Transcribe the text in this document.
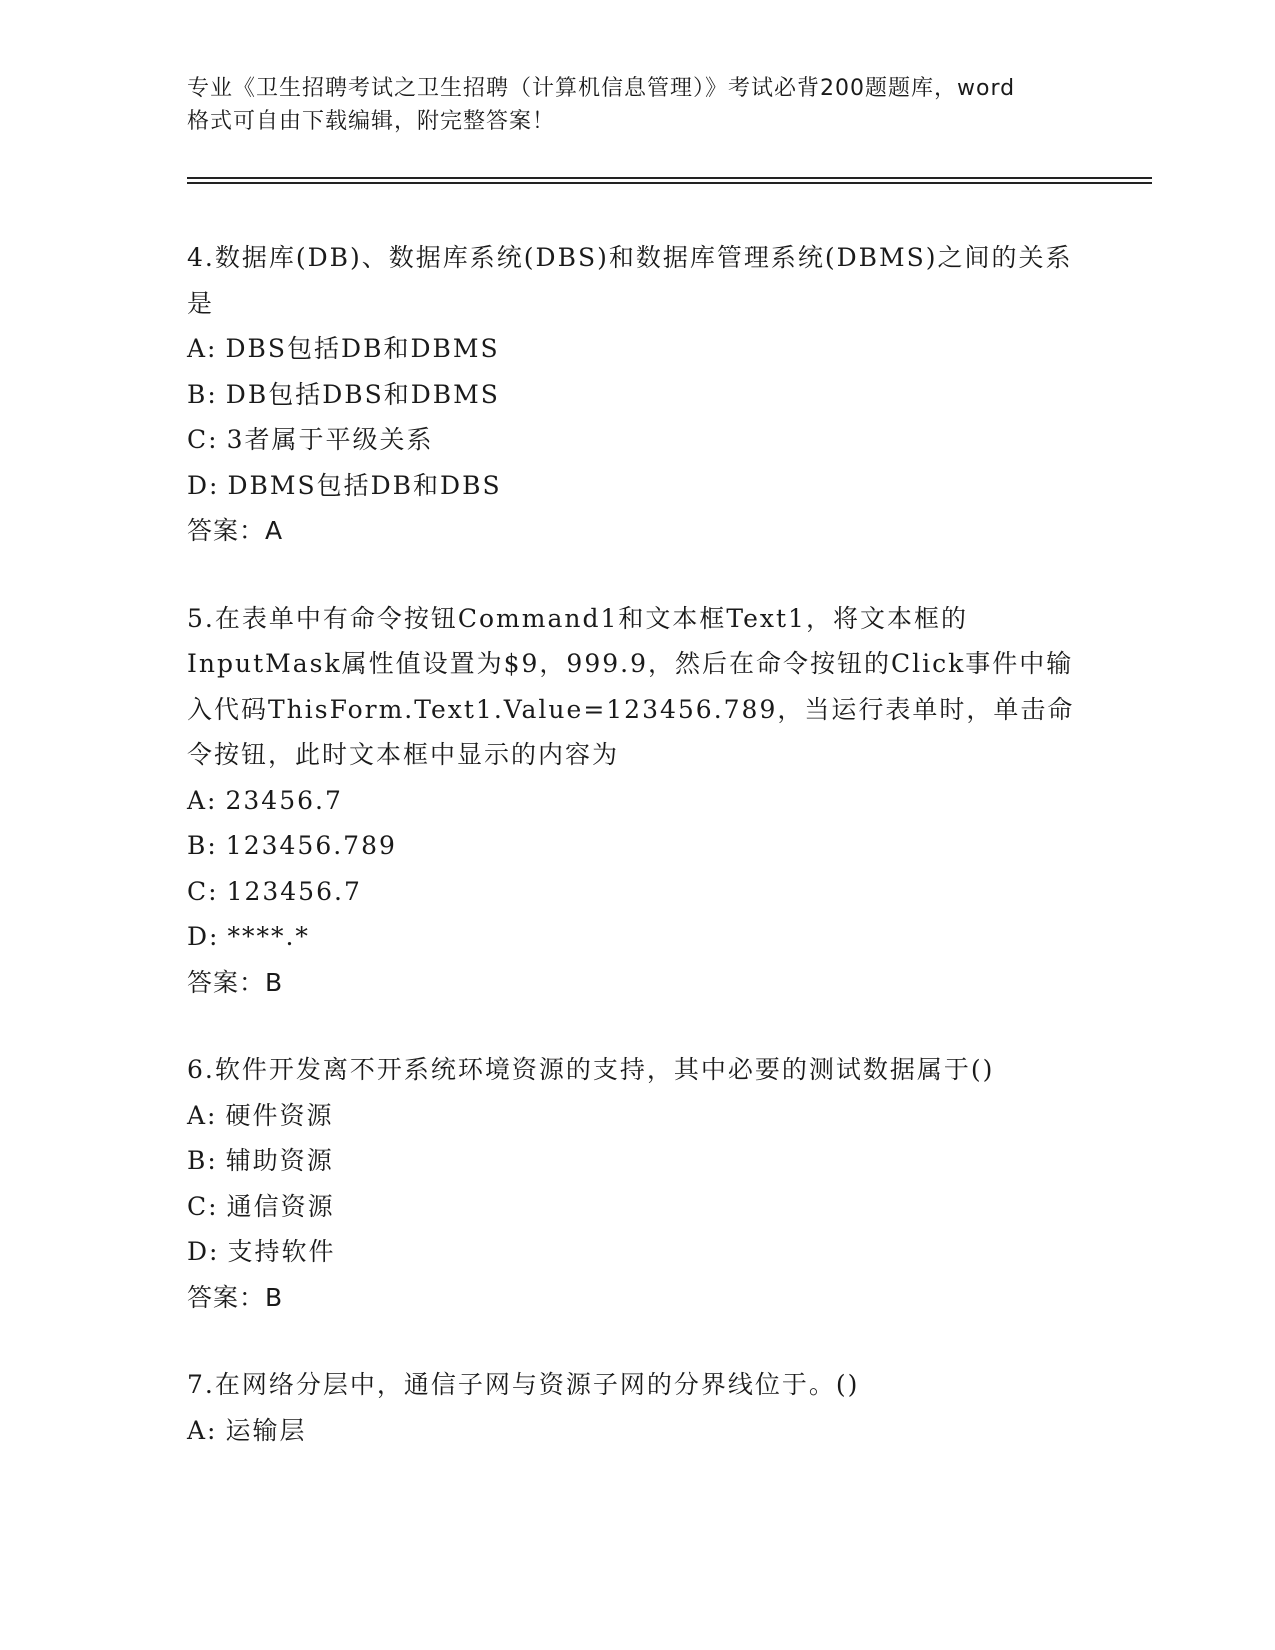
专业《卫生招聘考试之卫生招聘（计算机信息管理）》考试必背200题题库，word
格式可自由下载编辑，附完整答案！
4.数据库(DB)、数据库系统(DBS)和数据库管理系统(DBMS)之间的关系是
A: DBS包括DB和DBMS
B: DB包括DBS和DBMS
C: 3者属于平级关系
D: DBMS包括DB和DBS
答案：A
5.在表单中有命令按钮Command1和文本框Text1，将文本框的InputMask属性值设置为$9，999.9，然后在命令按钮的Click事件中输入代码ThisForm.Text1.Value=123456.789，当运行表单时，单击命令按钮，此时文本框中显示的内容为
A: 23456.7
B: 123456.789
C: 123456.7
D: ****.*
答案：B
6.软件开发离不开系统环境资源的支持，其中必要的测试数据属于()
A: 硬件资源
B: 辅助资源
C: 通信资源
D: 支持软件
答案：B
7.在网络分层中，通信子网与资源子网的分界线位于。()
A: 运输层
